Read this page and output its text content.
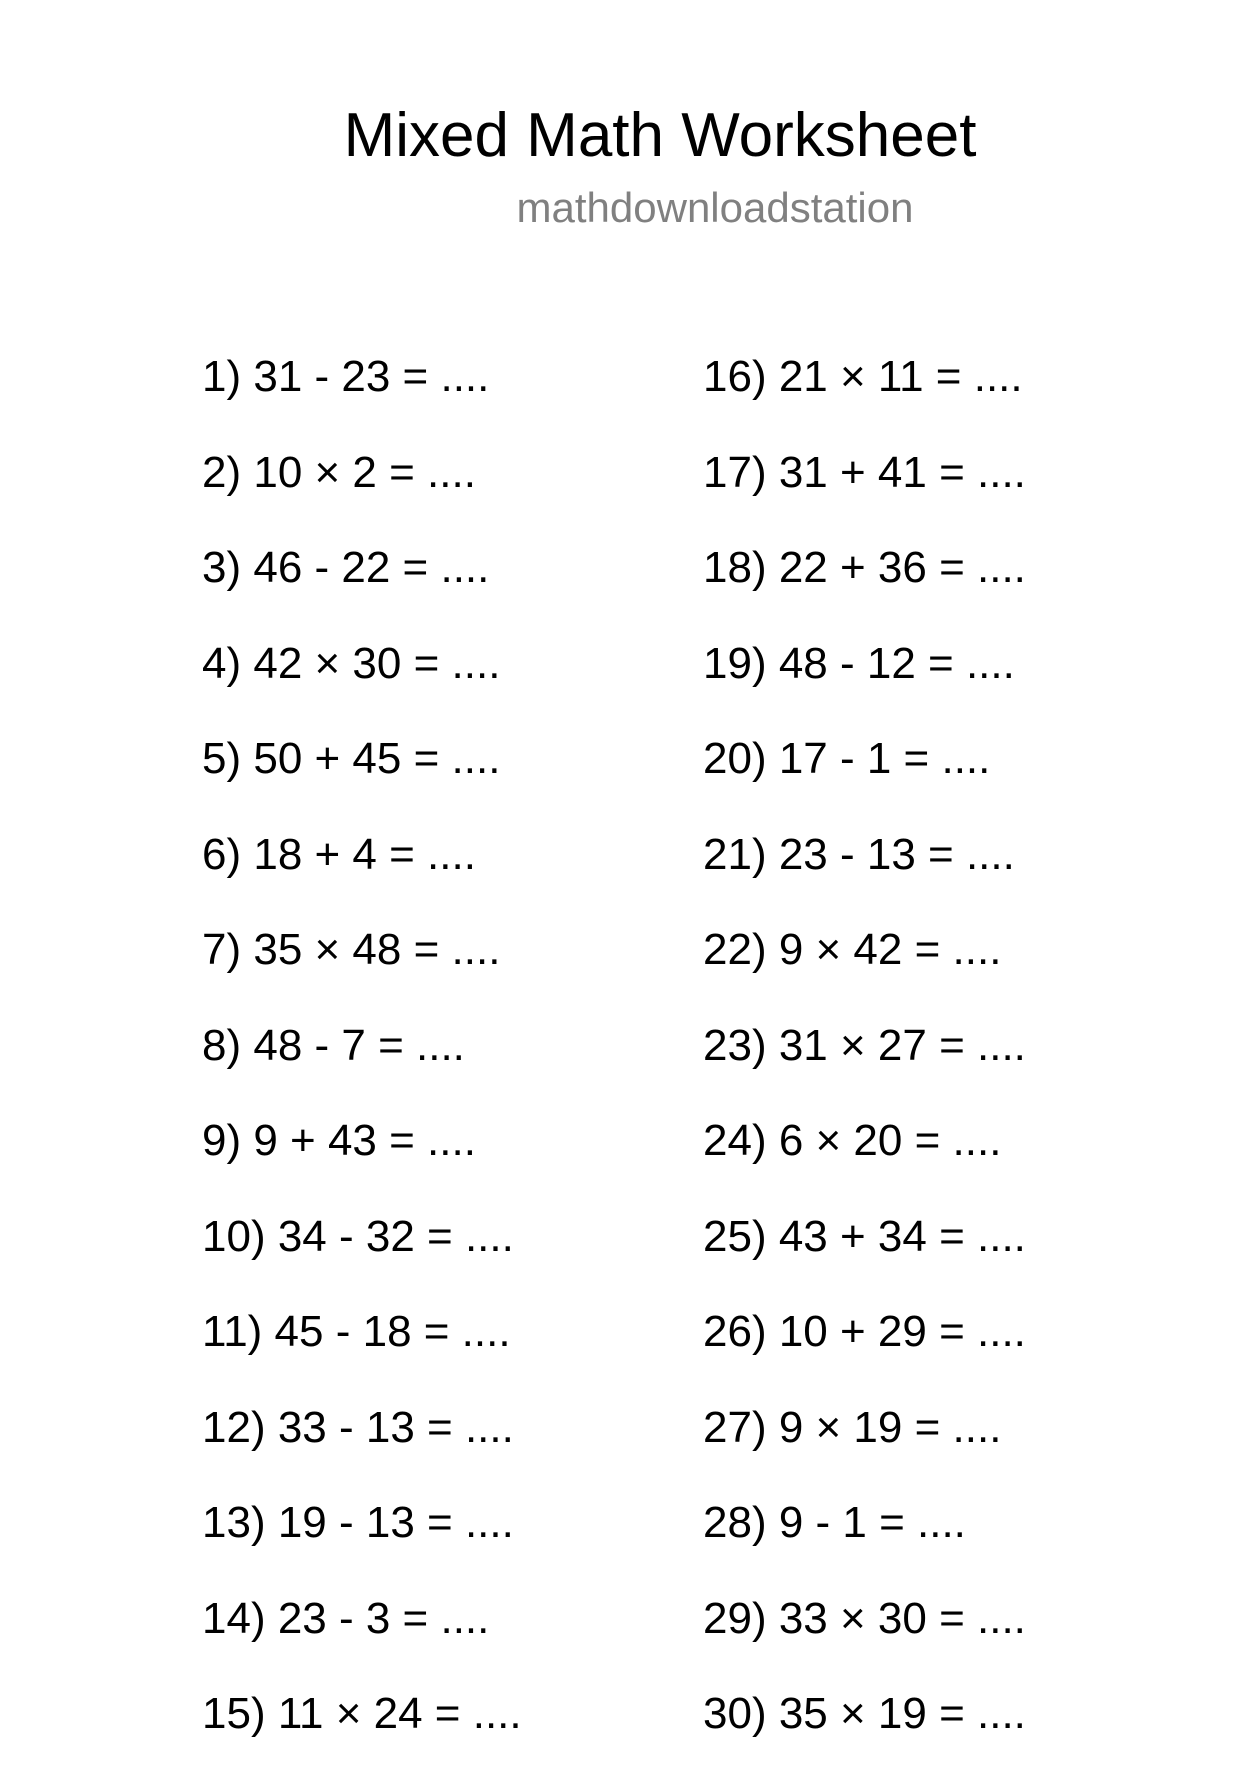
Mixed Math Worksheet
mathdownloadstation
1) 31 - 23 = ....
2) 10 × 2 = ....
3) 46 - 22 = ....
4) 42 × 30 = ....
5) 50 + 45 = ....
6) 18 + 4 = ....
7) 35 × 48 = ....
8) 48 - 7 = ....
9) 9 + 43 = ....
10) 34 - 32 = ....
11) 45 - 18 = ....
12) 33 - 13 = ....
13) 19 - 13 = ....
14) 23 - 3 = ....
15) 11 × 24 = ....
16) 21 × 11 = ....
17) 31 + 41 = ....
18) 22 + 36 = ....
19) 48 - 12 = ....
20) 17 - 1 = ....
21) 23 - 13 = ....
22) 9 × 42 = ....
23) 31 × 27 = ....
24) 6 × 20 = ....
25) 43 + 34 = ....
26) 10 + 29 = ....
27) 9 × 19 = ....
28) 9 - 1 = ....
29) 33 × 30 = ....
30) 35 × 19 = ....
